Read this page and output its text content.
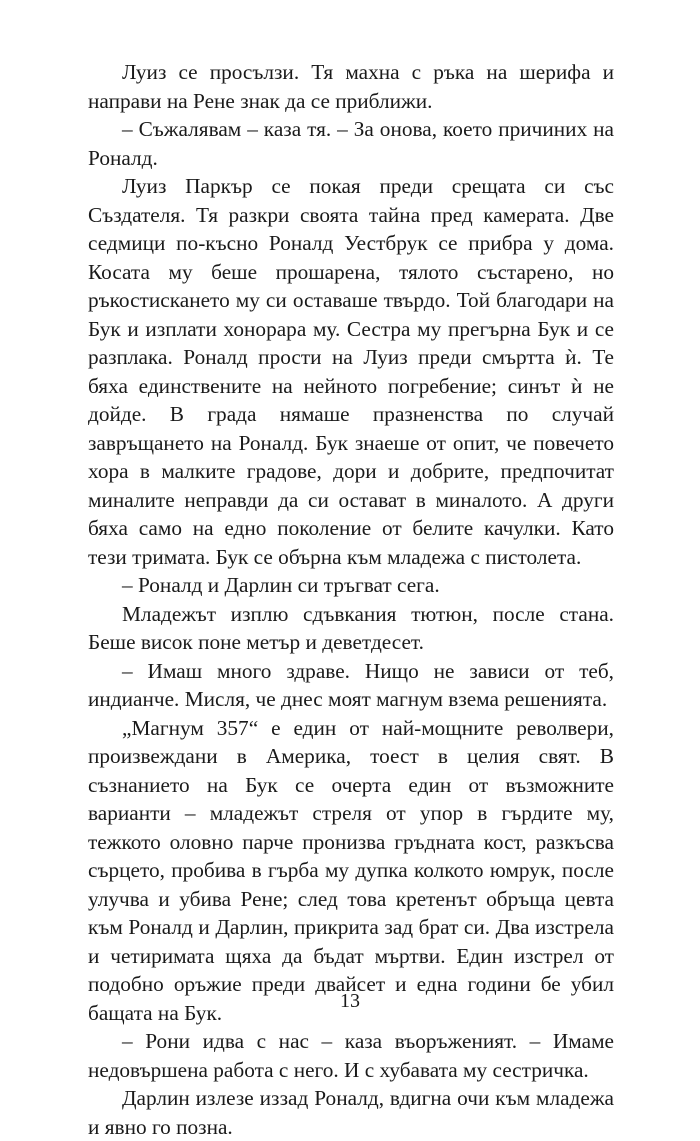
Луиз се просълзи. Тя махна с ръка на шерифа и направи на Рене знак да се приближи.

– Съжалявам – каза тя. – За онова, което причиних на Роналд.

Луиз Паркър се покая преди срещата си със Създателя. Тя разкри своята тайна пред камерата. Две седмици по-късно Роналд Уестбрук се прибра у дома. Косата му беше прошарена, тялото състарено, но ръкостискането му си оставаше твърдо. Той благодари на Бук и изплати хонорара му. Сестра му прегърна Бук и се разплака. Роналд прости на Луиз преди смъртта ѝ. Те бяха единствените на нейното погребение; синът ѝ не дойде. В града нямаше празненства по случай завръщането на Роналд. Бук знаеше от опит, че повечето хора в малките градове, дори и добрите, предпочитат миналите неправди да си остават в миналото. А други бяха само на едно поколение от белите качулки. Като тези тримата. Бук се обърна към младежа с пистолета.

– Роналд и Дарлин си тръгват сега.

Младежът изплю сдъвкания тютюн, после стана. Беше висок поне метър и деветдесет.

– Имаш много здраве. Нищо не зависи от теб, индианче. Мисля, че днес моят магнум взема решенията.

„Магнум 357“ е един от най-мощните револвери, произвеждани в Америка, тоест в целия свят. В съзнанието на Бук се очерта един от възможните варианти – младежът стреля от упор в гърдите му, тежкото оловно парче пронизва гръдната кост, разкъсва сърцето, пробива в гърба му дупка колкото юмрук, после улучва и убива Рене; след това кретенът обръща цевта към Роналд и Дарлин, прикрита зад брат си. Два изстрела и четиримата щяха да бъдат мъртви. Един изстрел от подобно оръжие преди двайсет и една години бе убил бащата на Бук.

– Рони идва с нас – каза въоръженият. – Имаме недовършена работа с него. И с хубавата му сестричка.

Дарлин излезе иззад Роналд, вдигна очи към младежа и явно го позна.

13
